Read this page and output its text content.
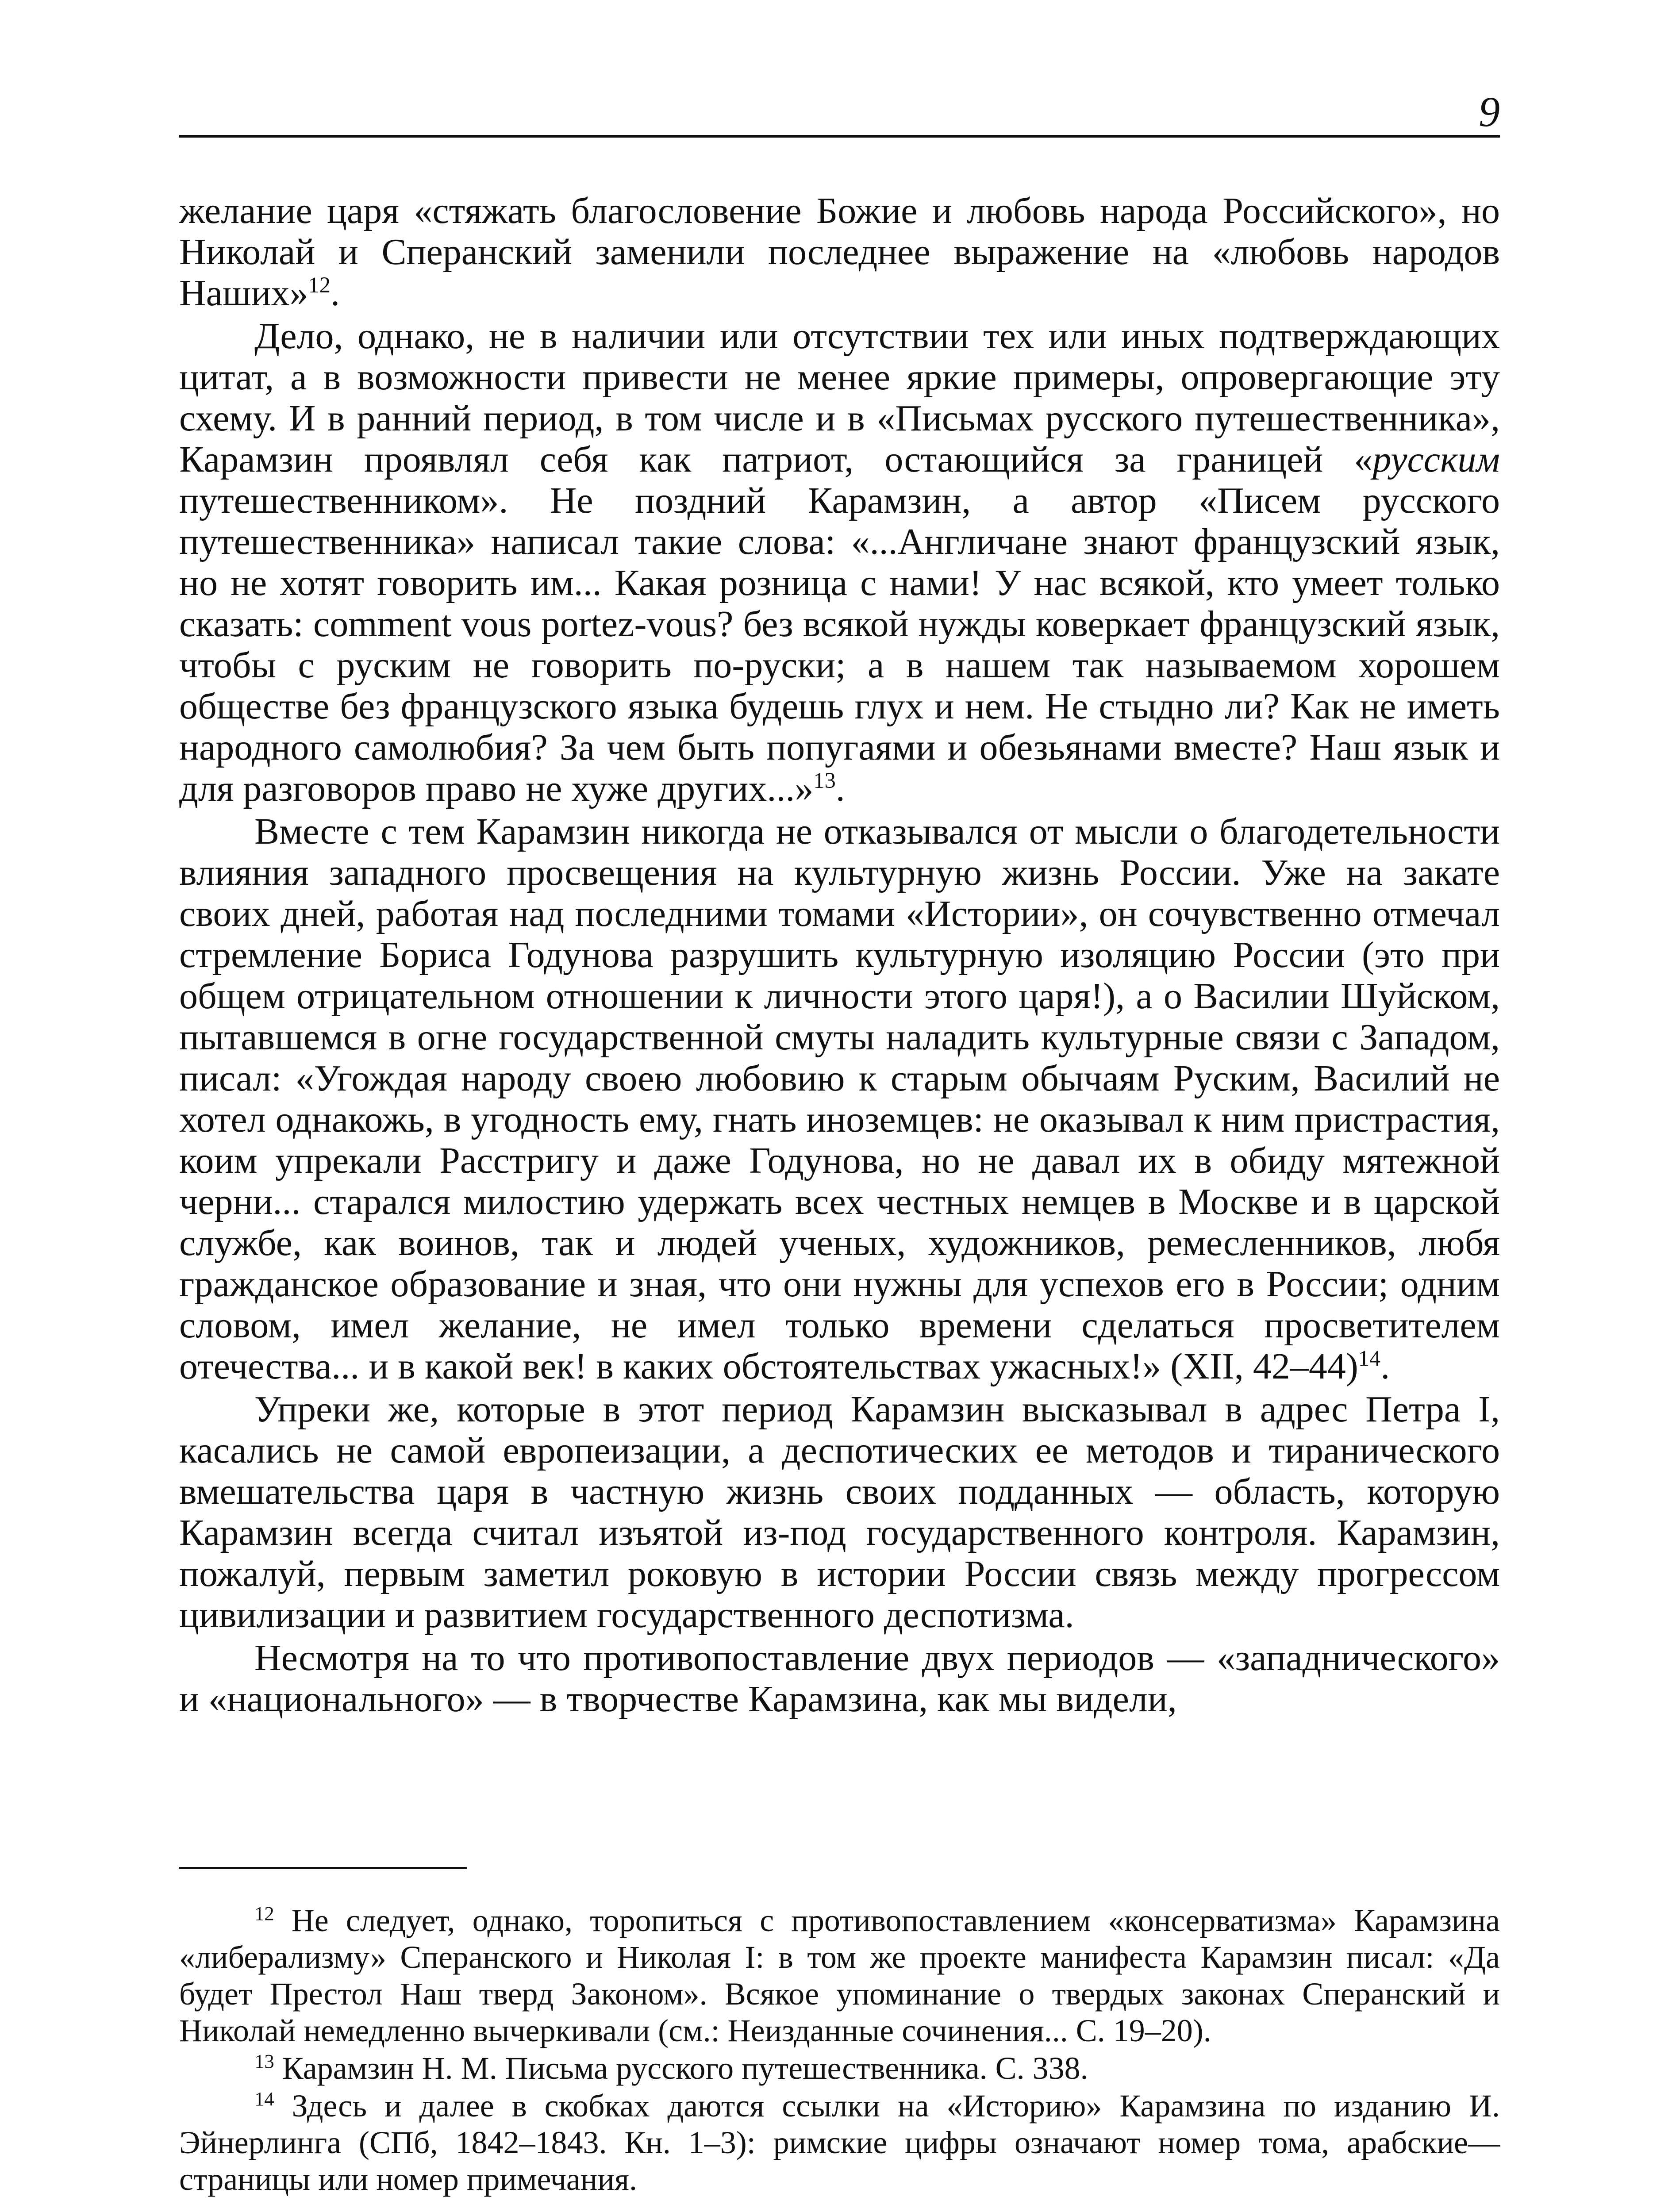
9

желание царя «стяжать благословение Божие и любовь народа Российского», но Николай и Сперанский заменили последнее выражение на «любовь народов Наших»$^{12}$.

Дело, однако, не в наличии или отсутствии тех или иных подтверждающих цитат, а в возможности привести не менее яркие примеры, опровергающие эту схему. И в ранний период, в том числе и в «Письмах русского путешественника», Карамзин проявлял себя как патриот, остающийся за границей «русским путешественником». Не поздний Карамзин, а автор «Писем русского путешественника» написал такие слова: «...Англичане знают французский язык, но не хотят говорить им... Какая розница с нами! У нас всякой, кто умеет только сказать: comment vous portez-vous? без всякой нужды коверкает французский язык, чтобы с руским не говорить по-руски; а в нашем так называемом хорошем обществе без французского языка будешь глух и нем. Не стыдно ли? Как не иметь народного самолюбия? За чем быть попугаями и обезьянами вместе? Наш язык и для разговоров право не хуже других...»$^{13}$.

Вместе с тем Карамзин никогда не отказывался от мысли о благодетельности влияния западного просвещения на культурную жизнь России. Уже на закате своих дней, работая над последними томами «Истории», он сочувственно отмечал стремление Бориса Годунова разрушить культурную изоляцию России (это при общем отрицательном отношении к личности этого царя!), а о Василии Шуйском, пытавшемся в огне государственной смуты наладить культурные связи с Западом, писал: «Угождая народу своею любовию к старым обычаям Руским, Василий не хотел однакожь, в угодность ему, гнать иноземцев: не оказывал к ним пристрастия, коим упрекали Расстригу и даже Годунова, но не давал их в обиду мятежной черни... старался милостию удержать всех честных немцев в Москве и в царской службе, как воинов, так и людей ученых, художников, ремесленников, любя гражданское образование и зная, что они нужны для успехов его в России; одним словом, имел желание, не имел только времени сделаться просветителем отечества... и в какой век! в каких обстоятельствах ужасных!» (XII, 42–44)$^{14}$.

Упреки же, которые в этот период Карамзин высказывал в адрес Петра I, касались не самой европеизации, а деспотических ее методов и тиранического вмешательства царя в частную жизнь своих подданных — область, которую Карамзин всегда считал изъятой из-под государственного контроля. Карамзин, пожалуй, первым заметил роковую в истории России связь между прогрессом цивилизации и развитием государственного деспотизма.

Несмотря на то что противопоставление двух периодов — «западнического» и «национального» — в творчестве Карамзина, как мы видели,

$^{12}$ Не следует, однако, торопиться с противопоставлением «консерватизма» Карамзина «либерализму» Сперанского и Николая I: в том же проекте манифеста Карамзин писал: «Да будет Престол Наш тверд Законом». Всякое упоминание о твердых законах Сперанский и Николай немедленно вычеркивали (см.: Неизданные сочинения... С. 19–20).

$^{13}$ Карамзин Н. М. Письма русского путешественника. С. 338.

$^{14}$ Здесь и далее в скобках даются ссылки на «Историю» Карамзина по изданию И. Эйнерлинга (СПб, 1842–1843. Кн. 1–3): римские цифры означают номер тома, арабские—страницы или номер примечания.
